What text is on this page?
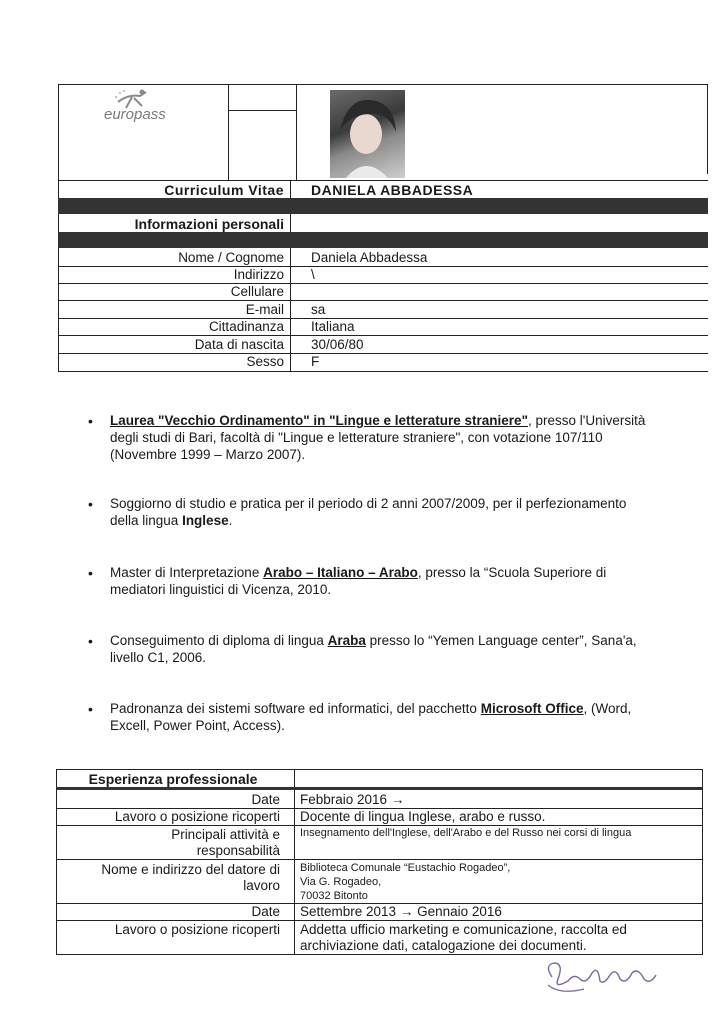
europass
Curriculum Vitae DANIELA ABBADESSA
Informazioni personali
Nome / Cognome Daniela Abbadessa
Indirizzo \
Cellulare
E-mail sa
Cittadinanza Italiana
Data di nascita 30/06/80
Sesso F
• Laurea "Vecchio Ordinamento" in "Lingue e letterature straniere", presso l'Università degli studi di Bari, facoltà di "Lingue e letterature straniere", con votazione 107/110 (Novembre 1999 – Marzo 2007).
• Soggiorno di studio e pratica per il periodo di 2 anni 2007/2009, per il perfezionamento della lingua Inglese.
• Master di Interpretazione Arabo – Italiano – Arabo, presso la “Scuola Superiore di mediatori linguistici di Vicenza, 2010.
• Conseguimento di diploma di lingua Araba presso lo “Yemen Language center”, Sana'a, livello C1, 2006.
• Padronanza dei sistemi software ed informatici, del pacchetto Microsoft Office, (Word, Excell, Power Point, Access).
Esperienza professionale
Date Febbraio 2016 →
Lavoro o posizione ricoperti Docente di lingua Inglese, arabo e russo.
Principali attività e
responsabilità
Insegnamento dell'Inglese, dell'Arabo e del Russo nei corsi di lingua
Nome e indirizzo del datore di
lavoro
Biblioteca Comunale “Eustachio Rogadeo”,
Via G. Rogadeo,
70032 Bitonto
Date Settembre 2013 → Gennaio 2016
Lavoro o posizione ricoperti Addetta ufficio marketing e comunicazione, raccolta ed
archiviazione dati, catalogazione dei documenti.
